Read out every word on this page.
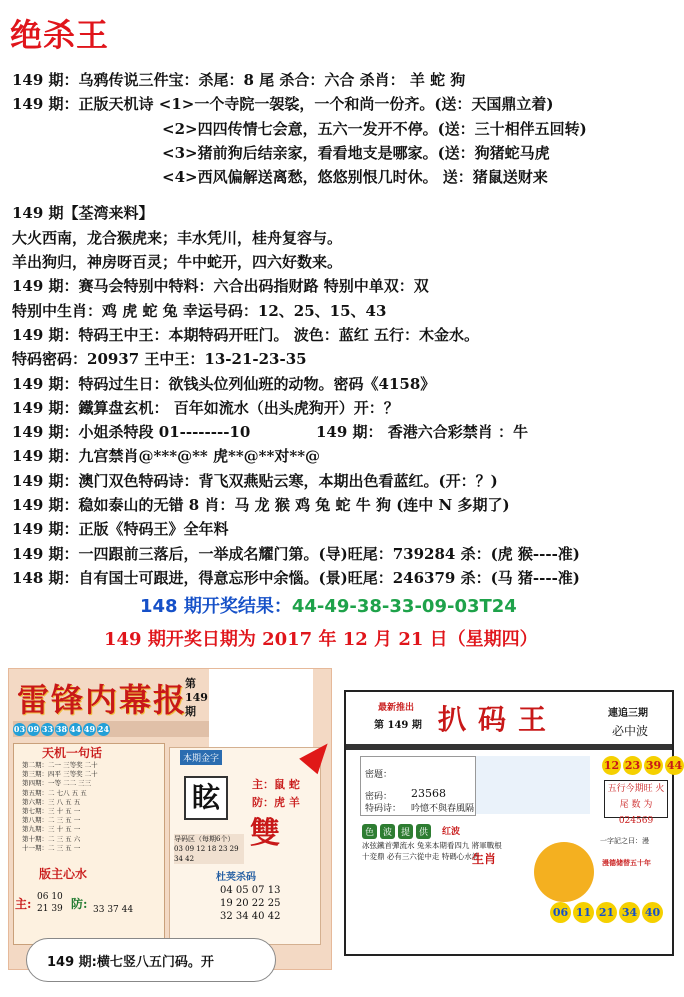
绝杀王
149 期：乌鸦传说三件宝：杀尾：8 尾 杀合：六合 杀肖： 羊 蛇 狗
149 期：正版天机诗 <1>一个寺院一袈裟，一个和尚一份齐。(送：天国鼎立着)
<2>四四传情七会意，五六一发开不停。(送：三十相伴五回转)
<3>猪前狗后结亲家，看看地支是哪家。(送：狗猪蛇马虎
<4>西风偏解送离愁，悠悠别恨几时休。 送：猪鼠送财来
149 期【荃湾来料】
大火西南，龙合猴虎来；丰水凭川，桂舟复容与。
羊出狗归，神房呀百灵；牛中蛇开，四六好数来。
149 期：赛马会特别中特料：六合出码指财路 特别中单双：双
特别中生肖：鸡 虎 蛇 兔 幸运号码：12、25、15、43
149 期：特码王中王：本期特码开旺门。 波色：蓝红 五行：木金水。
特码密码：20937 王中王：13-21-23-35
149 期：特码过生日：欲钱头位列仙班的动物。密码《4158》
149 期：鐵算盘玄机： 百年如流水（出头虎狗开）开：？
149 期：小姐杀特段 01--------10	149 期： 香港六合彩禁肖 ：牛
149 期：九宫禁肖@***@** 虎**@**对**@
149 期：澳门双色特码诗：背飞双燕贴云寒，本期出色看蓝红。(开：？)
149 期：稳如泰山的无错 8 肖：马 龙 猴 鸡 兔 蛇 牛 狗 (连中 N 多期了)
149 期：正版《特码王》全年料
149 期：一四跟前三落后，一举成名耀门第。(导)旺尾：739284 杀：(虎 猴----准)
148 期：自有国士可跟进，得意忘形中余惱。(景)旺尾：246379 杀：(马 猪----准)
148 期开奖结果：44-49-38-33-09-03T24
149 期开奖日期为 2017 年 12 月 21 日（星期四）
雷锋内幕报
第149期
03 09 33 38 44 49 24
天机一句话
第二期：二一 三等奖 二十
第三期：四平 三等奖 二十
第四期：一等 二二 三三
第五期：二 七八 五 五
第六期：三 八 五 五
第七期：三 十 五 一
第八期：二 三 五 一
第九期：三 十 五 一
第十期：二 三 五 六
十一期：二 三 五 一
版主心水
主: 06 10
21 39 防: 33 37 44
本期金字
眩	主：鼠 蛇
防：虎 羊
雙
导码区（每期6个）
03 09 12 18 23 29 34 42
杜荚杀码
04 05 07 13
19 20 22 25
32 34 40 42
149 期:横七竖八五门码。开
最新推出
第 149 期 扒码王	連追三期
必中波
密题：
密码： 23568
特码诗： 吟憶不與春風隔
12 23 39 44
五行今期旺 火
尾 数 为 024569
色	波	提	供	红波
冰弦鐵首彈流水 兔来本期看四九 將軍戰根十変鼎 必有三六從中走 特碼心水詩
生肖
一字記之曰：漫
漫德储替五十年
06 11 21 34 40
